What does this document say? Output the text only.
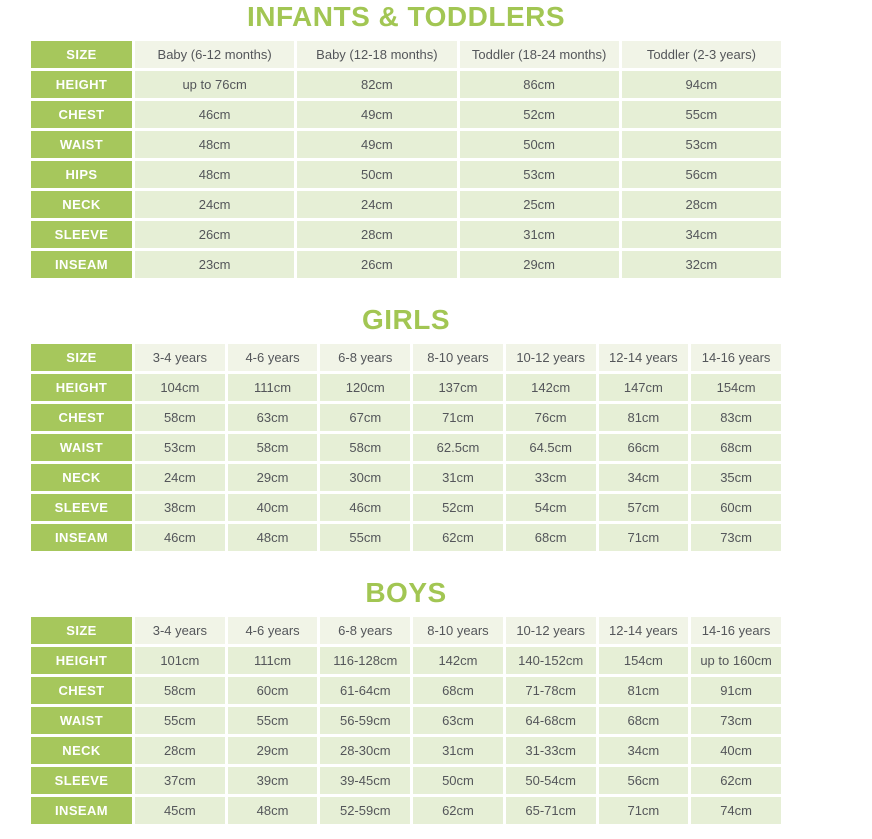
INFANTS & TODDLERS
SIZE	Baby (6-12 months)	Baby (12-18 months)	Toddler (18-24 months)	Toddler (2-3 years)
HEIGHT	up to 76cm	82cm	86cm	94cm
CHEST	46cm	49cm	52cm	55cm
WAIST	48cm	49cm	50cm	53cm
HIPS	48cm	50cm	53cm	56cm
NECK	24cm	24cm	25cm	28cm
SLEEVE	26cm	28cm	31cm	34cm
INSEAM	23cm	26cm	29cm	32cm
GIRLS
SIZE	3-4 years	4-6 years	6-8 years	8-10 years	10-12 years	12-14 years	14-16 years
HEIGHT	104cm	111cm	120cm	137cm	142cm	147cm	154cm
CHEST	58cm	63cm	67cm	71cm	76cm	81cm	83cm
WAIST	53cm	58cm	58cm	62.5cm	64.5cm	66cm	68cm
NECK	24cm	29cm	30cm	31cm	33cm	34cm	35cm
SLEEVE	38cm	40cm	46cm	52cm	54cm	57cm	60cm
INSEAM	46cm	48cm	55cm	62cm	68cm	71cm	73cm
BOYS
SIZE	3-4 years	4-6 years	6-8 years	8-10 years	10-12 years	12-14 years	14-16 years
HEIGHT	101cm	111cm	116-128cm	142cm	140-152cm	154cm	up to 160cm
CHEST	58cm	60cm	61-64cm	68cm	71-78cm	81cm	91cm
WAIST	55cm	55cm	56-59cm	63cm	64-68cm	68cm	73cm
NECK	28cm	29cm	28-30cm	31cm	31-33cm	34cm	40cm
SLEEVE	37cm	39cm	39-45cm	50cm	50-54cm	56cm	62cm
INSEAM	45cm	48cm	52-59cm	62cm	65-71cm	71cm	74cm
